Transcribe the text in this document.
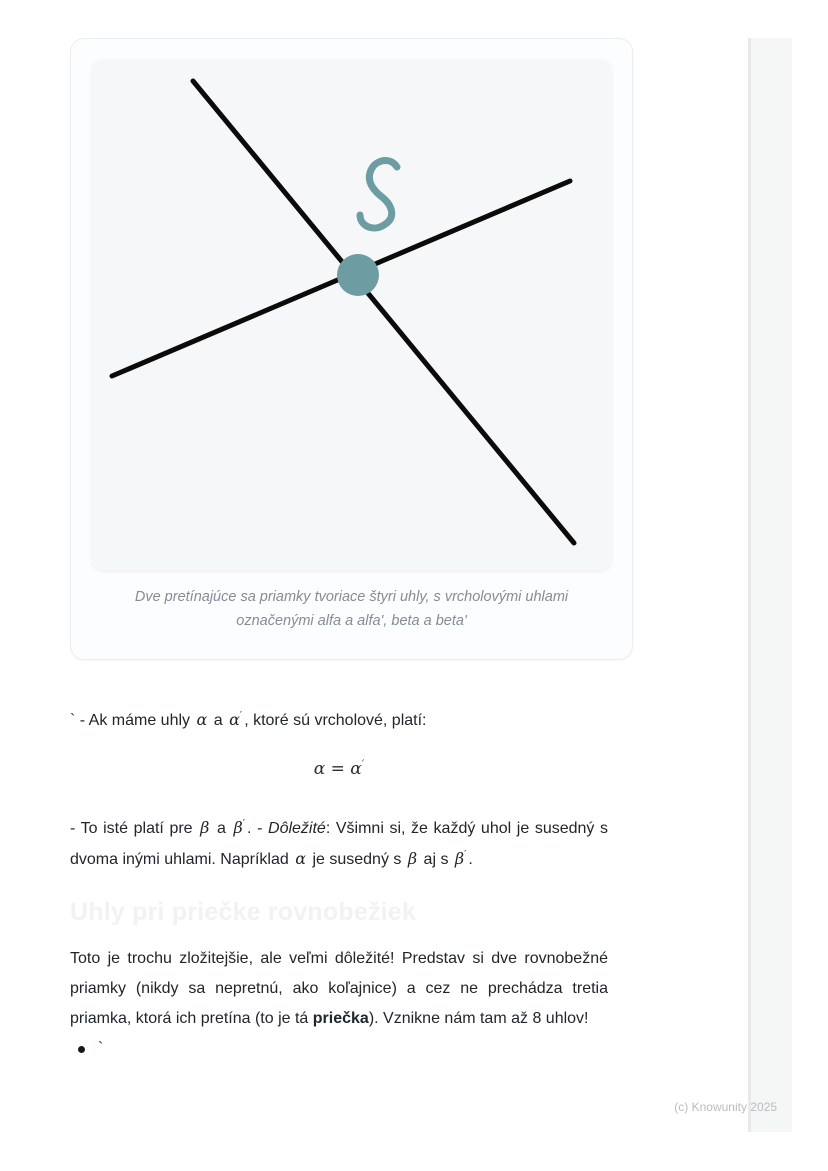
Dve pretínajúce sa priamky tvoriace štyri uhly, s vrcholovými uhlami označenými alfa a alfa', beta a beta'

` - Ak máme uhly α a α′ , ktoré sú vrcholové, platí:

α = α′

- To isté platí pre β a β′ . - Dôležité: Všimni si, že každý uhol je susedný s dvoma inými uhlami. Napríklad α je susedný s β aj s β′ .

Uhly pri priečke rovnobežiek

Toto je trochu zložitejšie, ale veľmi dôležité! Predstav si dve rovnobežné priamky (nikdy sa nepretnú, ako koľajnice) a cez ne prechádza tretia priamka, ktorá ich pretína (to je tá priečka). Vznikne nám tam až 8 uhlov!

`
(c) Knowunity 2025
